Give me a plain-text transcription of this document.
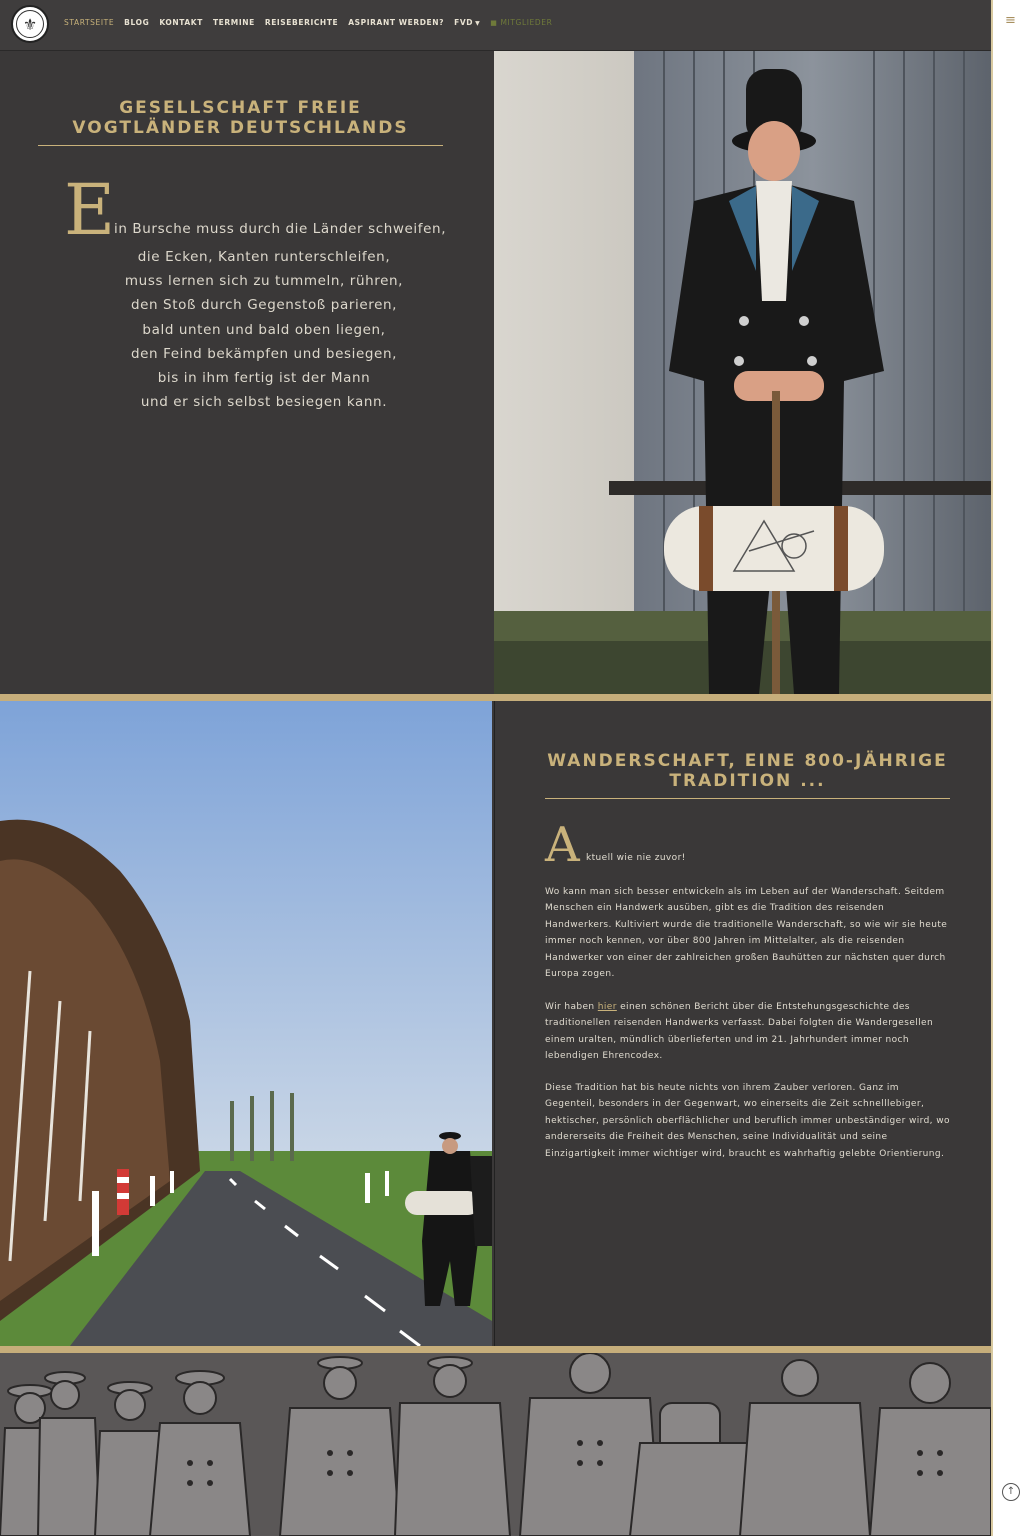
⚜	STARTSEITE BLOG KONTAKT TERMINE REISEBERICHTE ASPIRANT WERDEN? FVD ▼ ■ MITGLIEDER
GESELLSCHAFT FREIE
VOGTLÄNDER DEUTSCHLANDS
E
in Bursche muss durch die Länder schweifen,
die Ecken, Kanten runterschleifen,
muss lernen sich zu tummeln, rühren,
den Stoß durch Gegenstoß parieren,
bald unten und bald oben liegen,
den Feind bekämpfen und besiegen,
bis in ihm fertig ist der Mann
und er sich selbst besiegen kann.
WANDERSCHAFT, EINE 800-JÄHRIGE
TRADITION ...
A ktuell wie nie zuvor!
Wo kann man sich besser entwickeln als im Leben auf der Wanderschaft. Seitdem Menschen ein Handwerk ausüben, gibt es die Tradition des reisenden Handwerkers. Kultiviert wurde die traditionelle Wanderschaft, so wie wir sie heute immer noch kennen, vor über 800 Jahren im Mittelalter, als die reisenden Handwerker von einer der zahlreichen großen Bauhütten zur nächsten quer durch Europa zogen.
Wir haben hier einen schönen Bericht über die Entstehungsgeschichte des traditionellen reisenden Handwerks verfasst. Dabei folgten die Wandergesellen einem uralten, mündlich überlieferten und im 21. Jahrhundert immer noch lebendigen Ehrencodex.
Diese Tradition hat bis heute nichts von ihrem Zauber verloren. Ganz im Gegenteil, besonders in der Gegenwart, wo einerseits die Zeit schnelllebiger, hektischer, persönlich oberflächlicher und beruflich immer unbeständiger wird, wo andererseits die Freiheit des Menschen, seine Individualität und seine Einzigartigkeit immer wichtiger wird, braucht es wahrhaftig gelebte Orientierung.
≡
↑
